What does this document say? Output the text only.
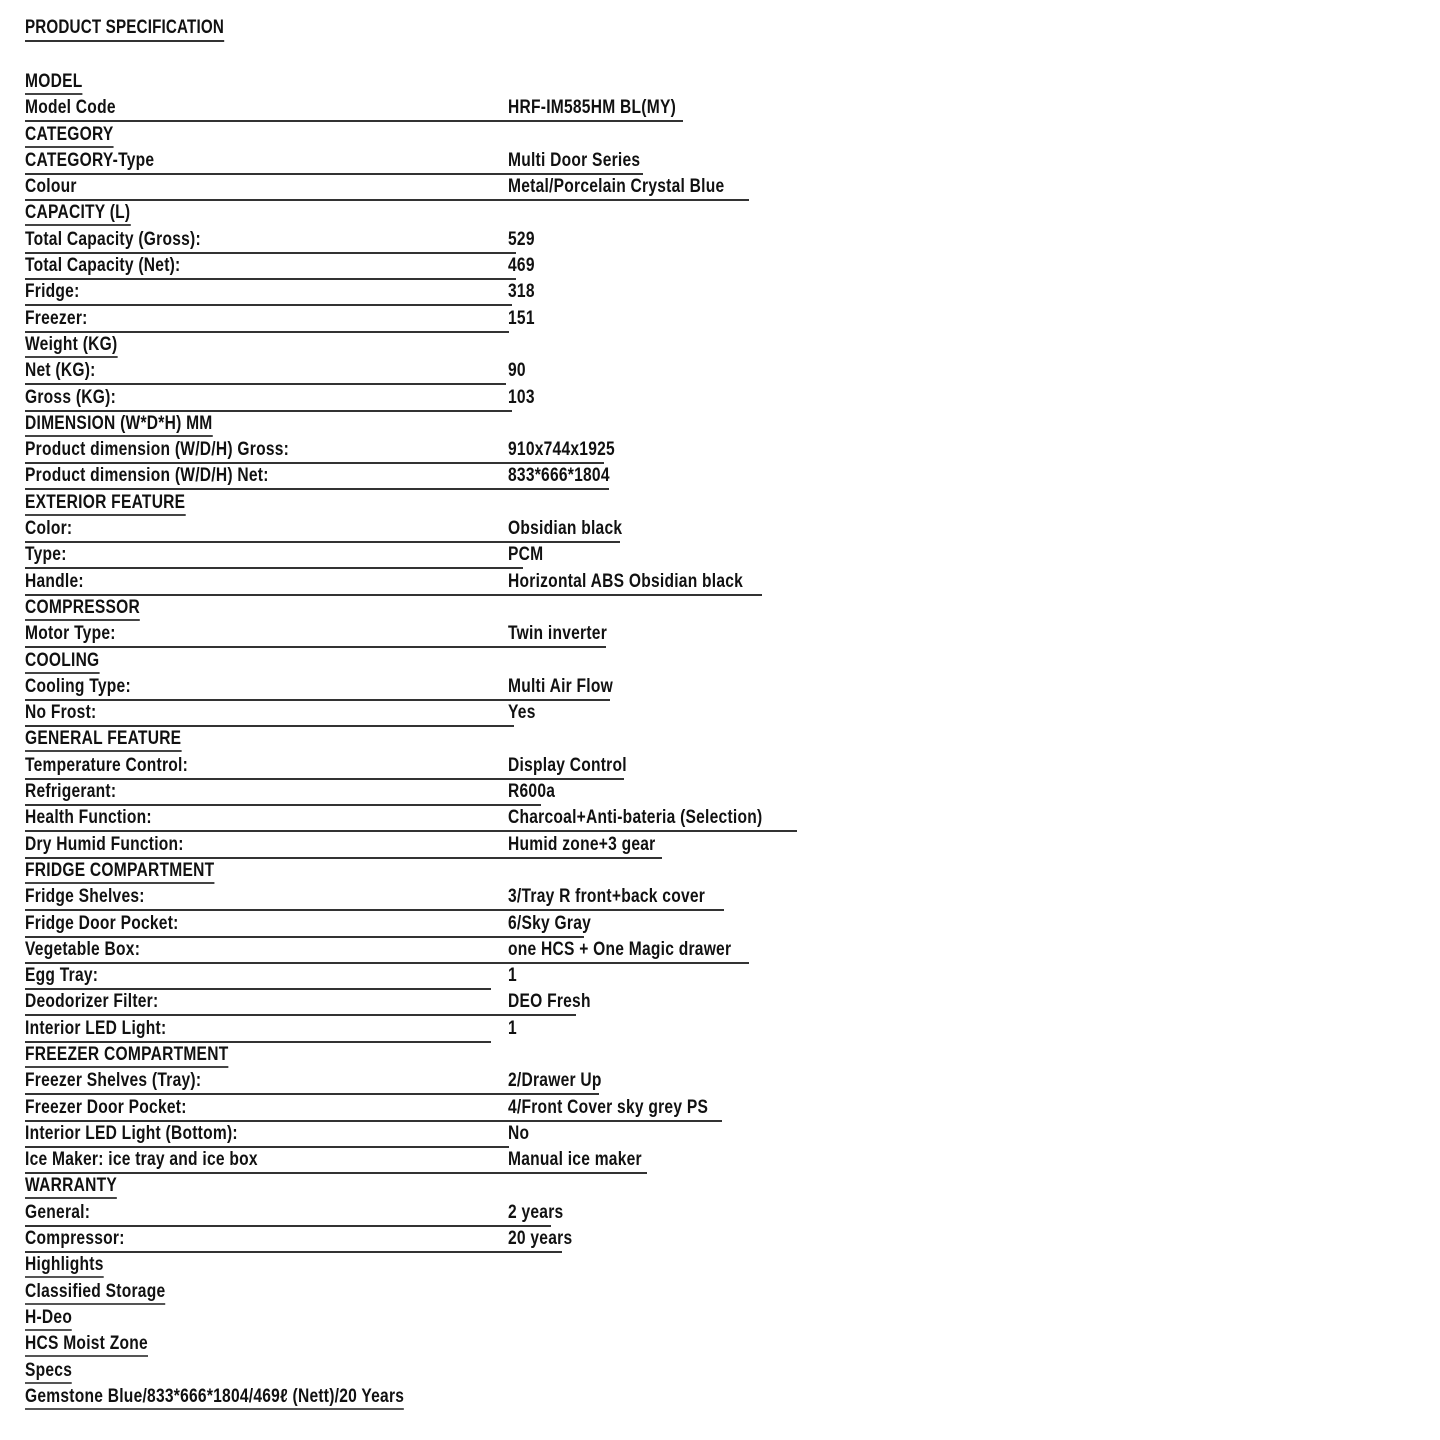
PRODUCT SPECIFICATION
MODEL
Model Code	HRF-IM585HM BL(MY)
CATEGORY
CATEGORY-Type	Multi Door Series
Colour	Metal/Porcelain Crystal Blue
CAPACITY (L)
Total Capacity (Gross):	529
Total Capacity (Net):	469
Fridge:	318
Freezer:	151
Weight (KG)
Net (KG):	90
Gross (KG):	103
DIMENSION (W*D*H) MM
Product dimension (W/D/H) Gross:	910x744x1925
Product dimension (W/D/H) Net:	833*666*1804
EXTERIOR FEATURE
Color:	Obsidian black
Type:	PCM
Handle:	Horizontal ABS Obsidian black
COMPRESSOR
Motor Type:	Twin inverter
COOLING
Cooling Type:	Multi Air Flow
No Frost:	Yes
GENERAL FEATURE
Temperature Control:	Display Control
Refrigerant:	R600a
Health Function:	Charcoal+Anti-bateria (Selection)
Dry Humid Function:	Humid zone+3 gear
FRIDGE COMPARTMENT
Fridge Shelves:	3/Tray R front+back cover
Fridge Door Pocket:	6/Sky Gray
Vegetable Box:	one HCS + One Magic drawer
Egg Tray:	1
Deodorizer Filter:	DEO Fresh
Interior LED Light:	1
FREEZER COMPARTMENT
Freezer Shelves (Tray):	2/Drawer Up
Freezer Door Pocket:	4/Front Cover sky grey PS
Interior LED Light (Bottom):	No
Ice Maker: ice tray and ice box	Manual ice maker
WARRANTY
General:	2 years
Compressor:	20 years
Highlights
Classified Storage
H-Deo
HCS Moist Zone
Specs
Gemstone Blue/833*666*1804/469ℓ (Nett)/20 Years
